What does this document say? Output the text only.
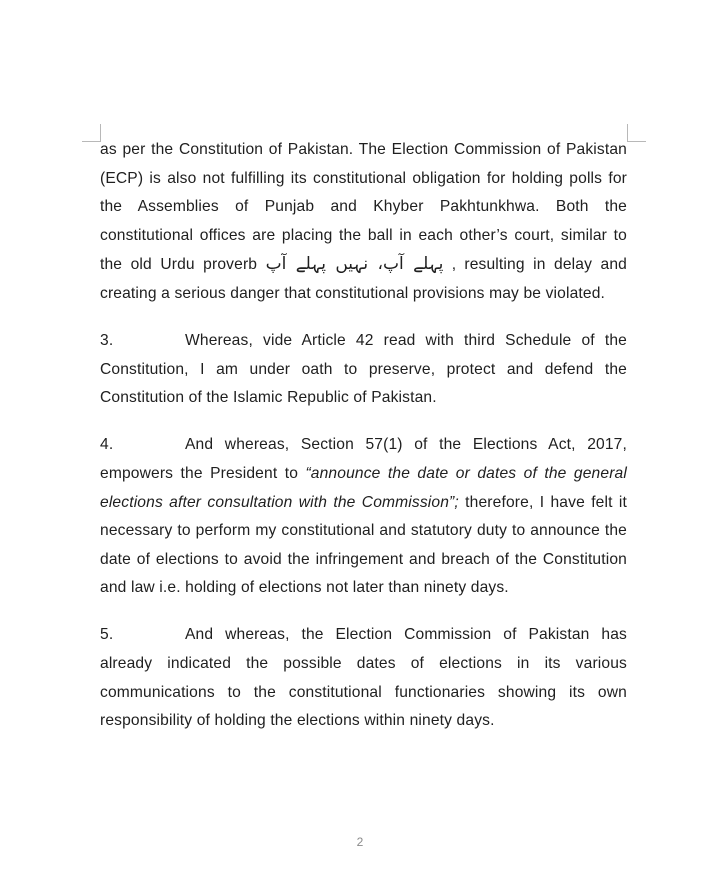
as per the Constitution of Pakistan. The Election Commission of Pakistan (ECP) is also not fulfilling its constitutional obligation for holding polls for the Assemblies of Punjab and Khyber Pakhtunkhwa. Both the constitutional offices are placing the ball in each other’s court, similar to the old Urdu proverb پہلے آپ، نہیں پہلے آپ , resulting in delay and creating a serious danger that constitutional provisions may be violated.

3.	Whereas, vide Article 42 read with third Schedule of the Constitution, I am under oath to preserve, protect and defend the Constitution of the Islamic Republic of Pakistan.

4.	And whereas, Section 57(1) of the Elections Act, 2017, empowers the President to “announce the date or dates of the general elections after consultation with the Commission”; therefore, I have felt it necessary to perform my constitutional and statutory duty to announce the date of elections to avoid the infringement and breach of the Constitution and law i.e. holding of elections not later than ninety days.

5.	And whereas, the Election Commission of Pakistan has already indicated the possible dates of elections in its various communications to the constitutional functionaries showing its own responsibility of holding the elections within ninety days.

2
